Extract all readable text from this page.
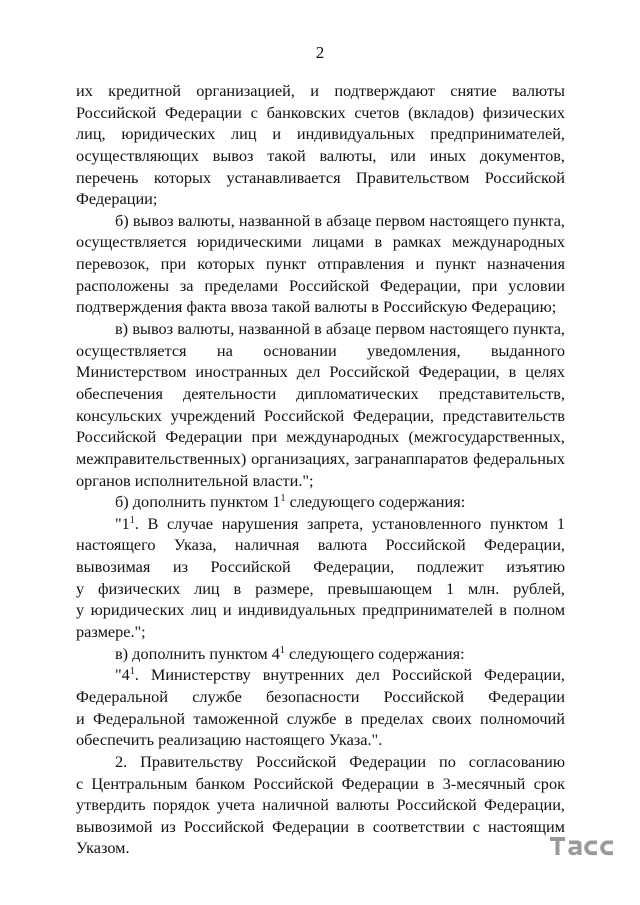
2
их кредитной организацией, и подтверждают снятие валюты
Российской Федерации с банковских счетов (вкладов) физических
лиц, юридических лиц и индивидуальных предпринимателей,
осуществляющих вывоз такой валюты, или иных документов,
перечень которых устанавливается Правительством Российской
Федерации;
б) вывоз валюты, названной в абзаце первом настоящего пункта,
осуществляется юридическими лицами в рамках международных
перевозок, при которых пункт отправления и пункт назначения
расположены за пределами Российской Федерации, при условии
подтверждения факта ввоза такой валюты в Российскую Федерацию;
в) вывоз валюты, названной в абзаце первом настоящего пункта,
осуществляется на основании уведомления, выданного
Министерством иностранных дел Российской Федерации, в целях
обеспечения деятельности дипломатических представительств,
консульских учреждений Российской Федерации, представительств
Российской Федерации при международных (межгосударственных,
межправительственных) организациях, загранаппаратов федеральных
органов исполнительной власти.";
б) дополнить пунктом $1^1$ следующего содержания:
"$1^1$. В случае нарушения запрета, установленного пунктом 1
настоящего Указа, наличная валюта Российской Федерации,
вывозимая из Российской Федерации, подлежит изъятию
у физических лиц в размере, превышающем 1 млн. рублей,
у юридических лиц и индивидуальных предпринимателей в полном
размере.";
в) дополнить пунктом $4^1$ следующего содержания:
"$4^1$. Министерству внутренних дел Российской Федерации,
Федеральной службе безопасности Российской Федерации
и Федеральной таможенной службе в пределах своих полномочий
обеспечить реализацию настоящего Указа.".
2. Правительству Российской Федерации по согласованию
с Центральным банком Российской Федерации в 3-месячный срок
утвердить порядок учета наличной валюты Российской Федерации,
вывозимой из Российской Федерации в соответствии с настоящим
Указом.
